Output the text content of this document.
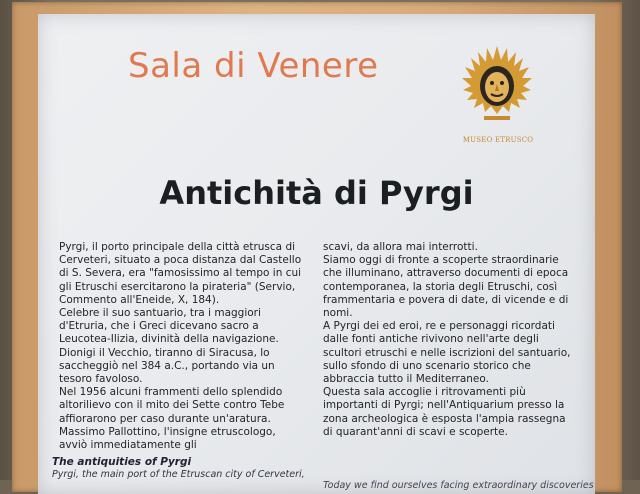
Sala di Venere
MUSEO ETRUSCO
Antichità di Pyrgi

Pyrgi, il porto principale della città etrusca di Cerveteri, situato a poca distanza dal Castello di S. Severa, era "famosissimo al tempo in cui gli Etruschi esercitarono la pirateria" (Servio, Commento all'Eneide, X, 184).

Celebre il suo santuario, tra i maggiori d'Etruria, che i Greci dicevano sacro a Leucotea-Ilizia, divinità della navigazione. Dionigi il Vecchio, tiranno di Siracusa, lo saccheggiò nel 384 a.C., portando via un tesoro favoloso.

Nel 1956 alcuni frammenti dello splendido altorilievo con il mito dei Sette contro Tebe affiorarono per caso durante un'aratura. Massimo Pallottino, l'insigne etruscologo, avviò immediatamente gli

scavi, da allora mai interrotti.

Siamo oggi di fronte a scoperte straordinarie che illuminano, attraverso documenti di epoca contemporanea, la storia degli Etruschi, così frammentaria e povera di date, di vicende e di nomi.

A Pyrgi dei ed eroi, re e personaggi ricordati dalle fonti antiche rivivono nell'arte degli scultori etruschi e nelle iscrizioni del santuario, sullo sfondo di uno scenario storico che abbraccia tutto il Mediterraneo.

Questa sala accoglie i ritrovamenti più importanti di Pyrgi; nell'Antiquarium presso la zona archeologica è esposta l'ampia rassegna di quarant'anni di scavi e scoperte.

The antiquities of Pyrgi

Pyrgi, the main port of the Etruscan city of Cerveteri,

Today we find ourselves facing extraordinary discoveries
